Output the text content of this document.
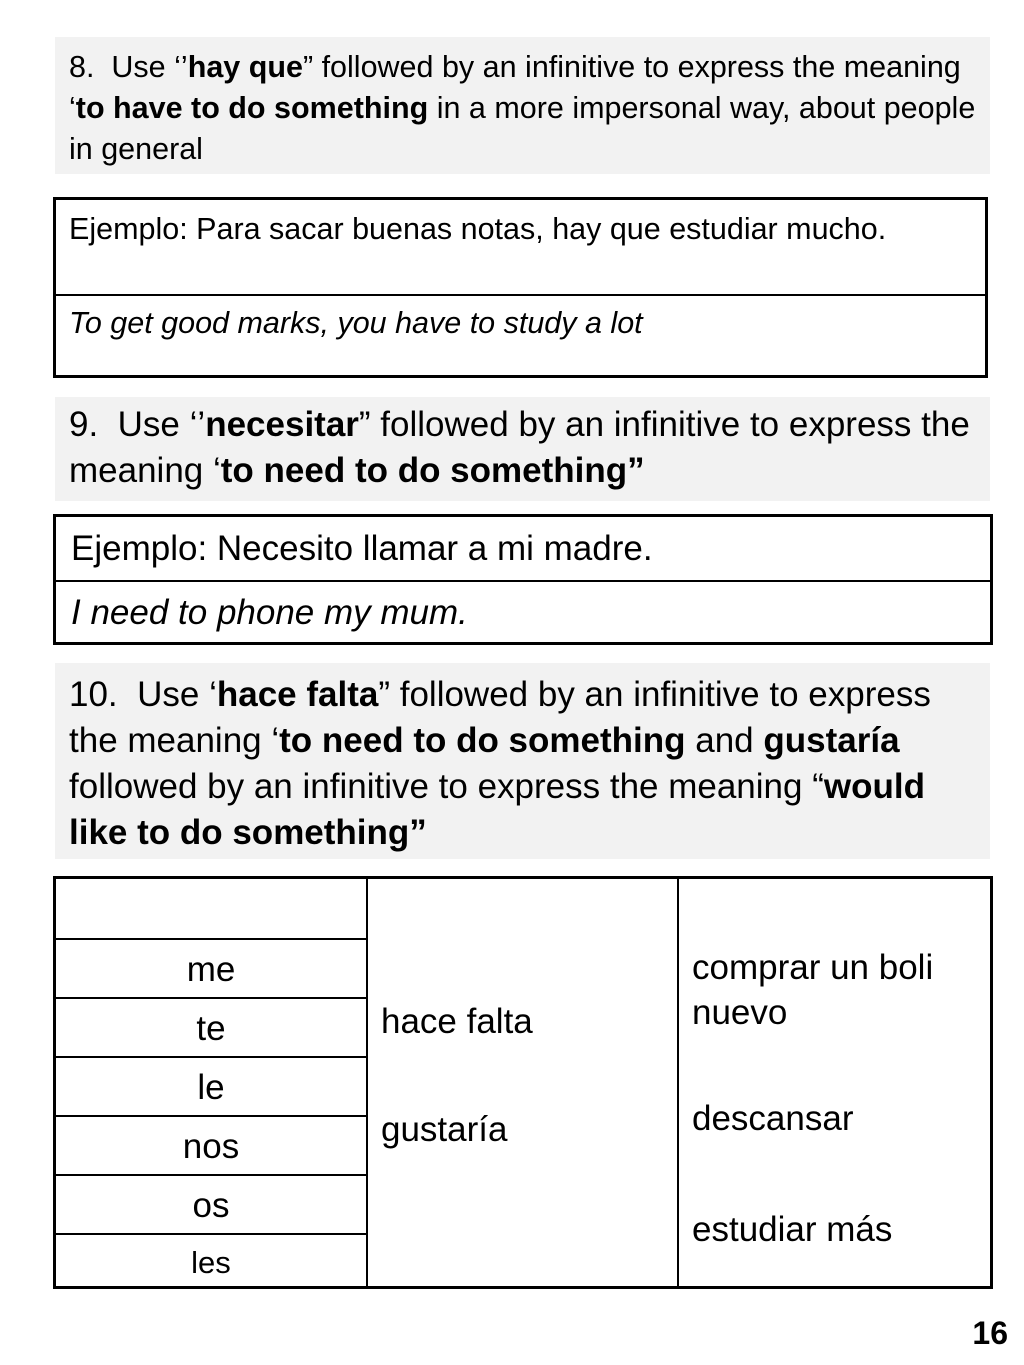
8. Use ‘’hay que” followed by an infinitive to express the meaning ‘to have to do something in a more impersonal way, about people in general

Ejemplo: Para sacar buenas notas, hay que estudiar mucho.
To get good marks, you have to study a lot

9. Use ‘’necesitar” followed by an infinitive to express the meaning ‘to need to do something”

Ejemplo: Necesito llamar a mi madre.
I need to phone my mum.

10. Use ‘hace falta” followed by an infinitive to express the meaning ‘to need to do something and gustaría followed by an infinitive to express the meaning “would like to do something”

me
te
le
nos
os
les
hace falta
gustaría
comprar un boli nuevo
descansar
estudiar más
16
